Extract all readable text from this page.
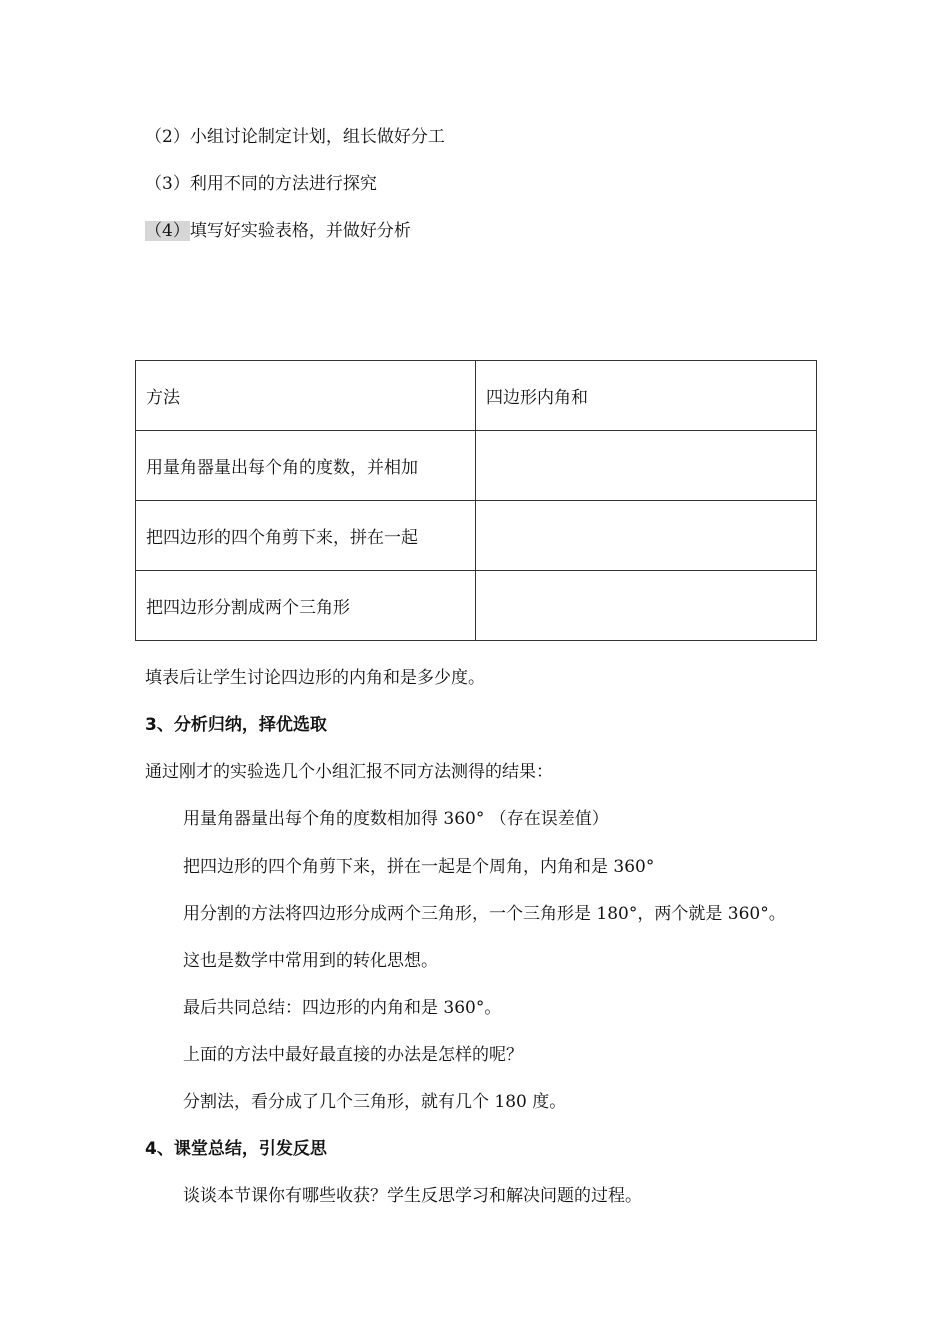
（2）小组讨论制定计划，组长做好分工
（3）利用不同的方法进行探究
（4）填写好实验表格，并做好分析
方法	四边形内角和
用量角器量出每个角的度数，并相加	
把四边形的四个角剪下来，拼在一起	
把四边形分割成两个三角形	
填表后让学生讨论四边形的内角和是多少度。
3、分析归纳，择优选取
通过刚才的实验选几个小组汇报不同方法测得的结果：
用量角器量出每个角的度数相加得 360° （存在误差值）
把四边形的四个角剪下来，拼在一起是个周角，内角和是 360°
用分割的方法将四边形分成两个三角形，一个三角形是 180°，两个就是 360°。
这也是数学中常用到的转化思想。
最后共同总结：四边形的内角和是 360°。
上面的方法中最好最直接的办法是怎样的呢？
分割法，看分成了几个三角形，就有几个 180 度。
4、课堂总结，引发反思
谈谈本节课你有哪些收获？学生反思学习和解决问题的过程。
